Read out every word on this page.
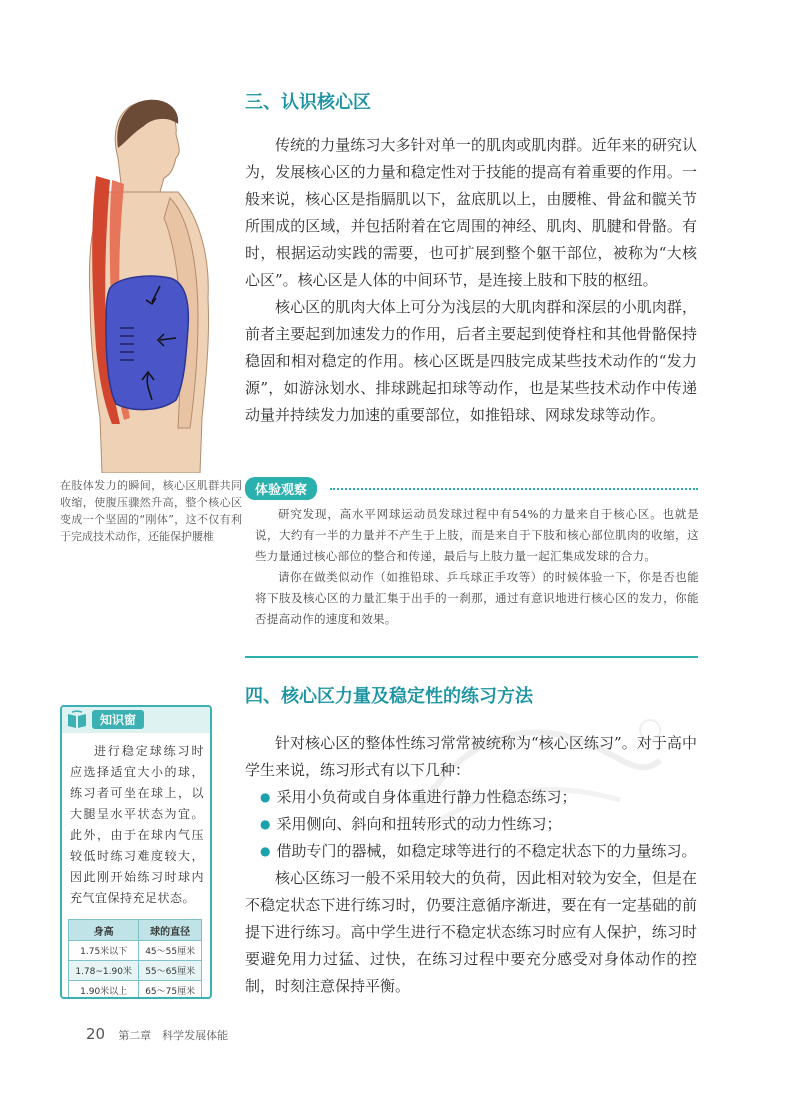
在肢体发力的瞬间，核心区肌群共同收缩，使腹压骤然升高，整个核心区变成一个坚固的“刚体”，这不仅有利于完成技术动作，还能保护腰椎
三、认识核心区

传统的力量练习大多针对单一的肌肉或肌肉群。近年来的研究认为，发展核心区的力量和稳定性对于技能的提高有着重要的作用。一般来说，核心区是指膈肌以下，盆底肌以上，由腰椎、骨盆和髋关节所围成的区域，并包括附着在它周围的神经、肌肉、肌腱和骨骼。有时，根据运动实践的需要，也可扩展到整个躯干部位，被称为“大核心区”。核心区是人体的中间环节，是连接上肢和下肢的枢纽。

核心区的肌肉大体上可分为浅层的大肌肉群和深层的小肌肉群，前者主要起到加速发力的作用，后者主要起到使脊柱和其他骨骼保持稳固和相对稳定的作用。核心区既是四肢完成某些技术动作的“发力源”，如游泳划水、排球跳起扣球等动作，也是某些技术动作中传递动量并持续发力加速的重要部位，如推铅球、网球发球等动作。

体验观察

研究发现，高水平网球运动员发球过程中有54%的力量来自于核心区。也就是说，大约有一半的力量并不产生于上肢，而是来自于下肢和核心部位肌肉的收缩，这些力量通过核心部位的整合和传递，最后与上肢力量一起汇集成发球的合力。

请你在做类似动作（如推铅球、乒乓球正手攻等）的时候体验一下，你是否也能将下肢及核心区的力量汇集于出手的一刹那，通过有意识地进行核心区的发力，你能否提高动作的速度和效果。

四、核心区力量及稳定性的练习方法

针对核心区的整体性练习常常被统称为“核心区练习”。对于高中学生来说，练习形式有以下几种：

● 采用小负荷或自身体重进行静力性稳态练习；

● 采用侧向、斜向和扭转形式的动力性练习；

● 借助专门的器械，如稳定球等进行的不稳定状态下的力量练习。

核心区练习一般不采用较大的负荷，因此相对较为安全，但是在不稳定状态下进行练习时，仍要注意循序渐进，要在有一定基础的前提下进行练习。高中学生进行不稳定状态练习时应有人保护，练习时要避免用力过猛、过快，在练习过程中要充分感受对身体动作的控制，时刻注意保持平衡。

知识窗

进行稳定球练习时应选择适宜大小的球，练习者可坐在球上，以大腿呈水平状态为宜。此外，由于在球内气压较低时练习难度较大，因此刚开始练习时球内充气宜保持充足状态。

身高	球的直径
1.75米以下	45～55厘米
1.78~1.90米	55～65厘米
1.90米以上	65～75厘米
20 第二章　科学发展体能
